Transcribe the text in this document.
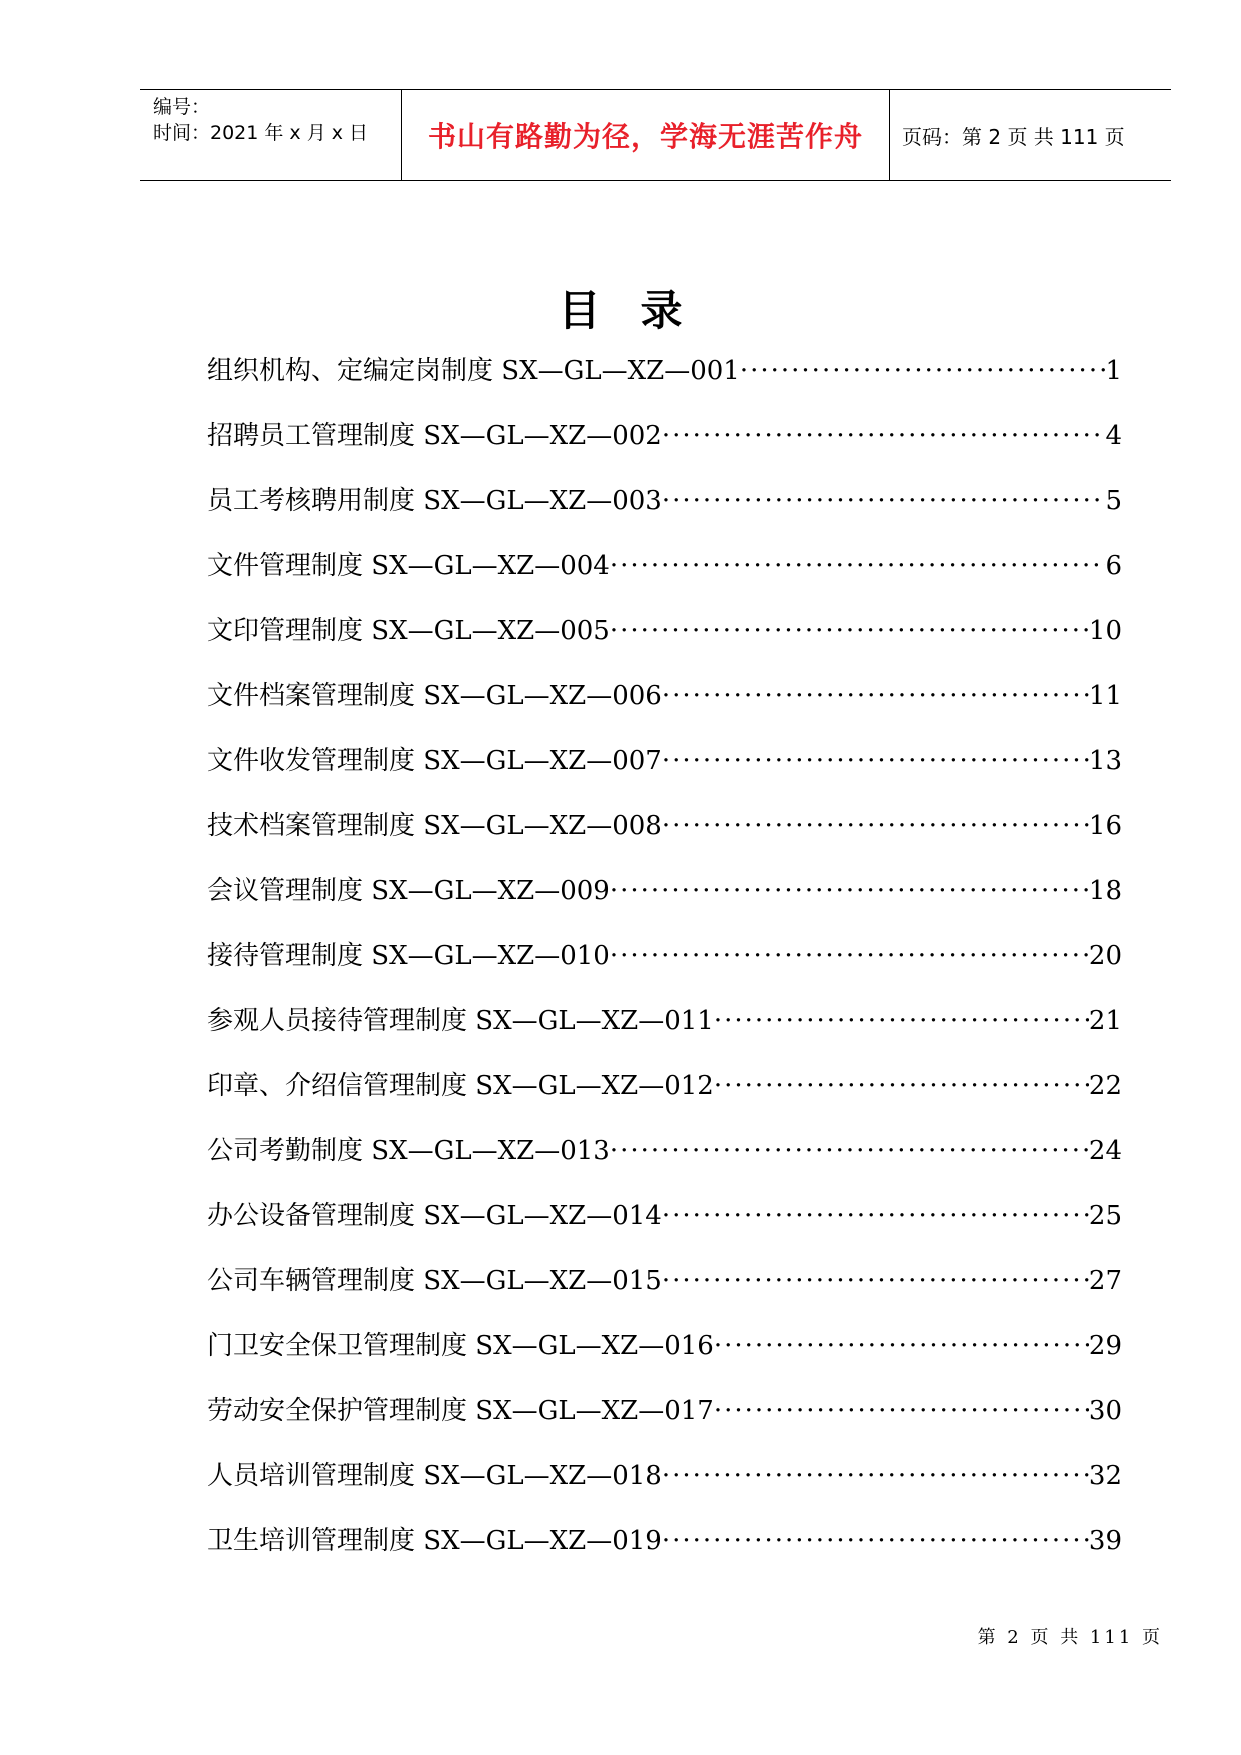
编号：
时间：2021 年 x 月 x 日	书山有路勤为径，学海无涯苦作舟 页码：第 2 页 共 111 页
目录
组织机构、定编定岗制度 SX—GL—XZ—001 ·····	1
招聘员工管理制度 SX—GL—XZ—002 ·····	4
员工考核聘用制度 SX—GL—XZ—003 ·····	5
文件管理制度 SX—GL—XZ—004 ·····	6
文印管理制度 SX—GL—XZ—005 ·····	10
文件档案管理制度 SX—GL—XZ—006 ·····	11
文件收发管理制度 SX—GL—XZ—007 ·····	13
技术档案管理制度 SX—GL—XZ—008 ·····	16
会议管理制度 SX—GL—XZ—009 ·····	18
接待管理制度 SX—GL—XZ—010 ·····	20
参观人员接待管理制度 SX—GL—XZ—011 ·····	21
印章、介绍信管理制度 SX—GL—XZ—012 ·····	22
公司考勤制度 SX—GL—XZ—013 ·····	24
办公设备管理制度 SX—GL—XZ—014 ·····	25
公司车辆管理制度 SX—GL—XZ—015 ·····	27
门卫安全保卫管理制度 SX—GL—XZ—016 ·····	29
劳动安全保护管理制度 SX—GL—XZ—017 ·····	30
人员培训管理制度 SX—GL—XZ—018 ·····	32
卫生培训管理制度 SX—GL—XZ—019 ·····	39
第 2 页 共 111 页
